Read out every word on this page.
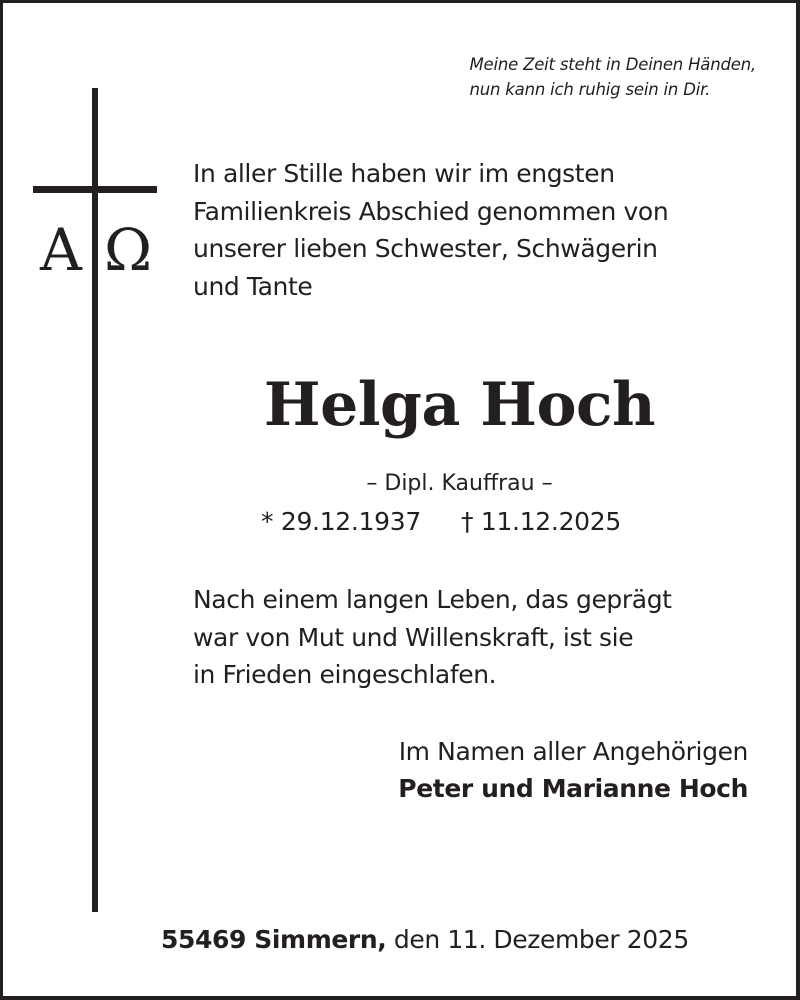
Meine Zeit steht in Deinen Händen,
nun kann ich ruhig sein in Dir.
A Ω
In aller Stille haben wir im engsten
Familienkreis Abschied genommen von
unserer lieben Schwester, Schwägerin
und Tante
Helga Hoch
– Dipl. Kauffrau –
* 29.12.1937 † 11.12.2025
Nach einem langen Leben, das geprägt
war von Mut und Willenskraft, ist sie
in Frieden eingeschlafen.
Im Namen aller Angehörigen
Peter und Marianne Hoch
55469 Simmern, den 11. Dezember 2025
